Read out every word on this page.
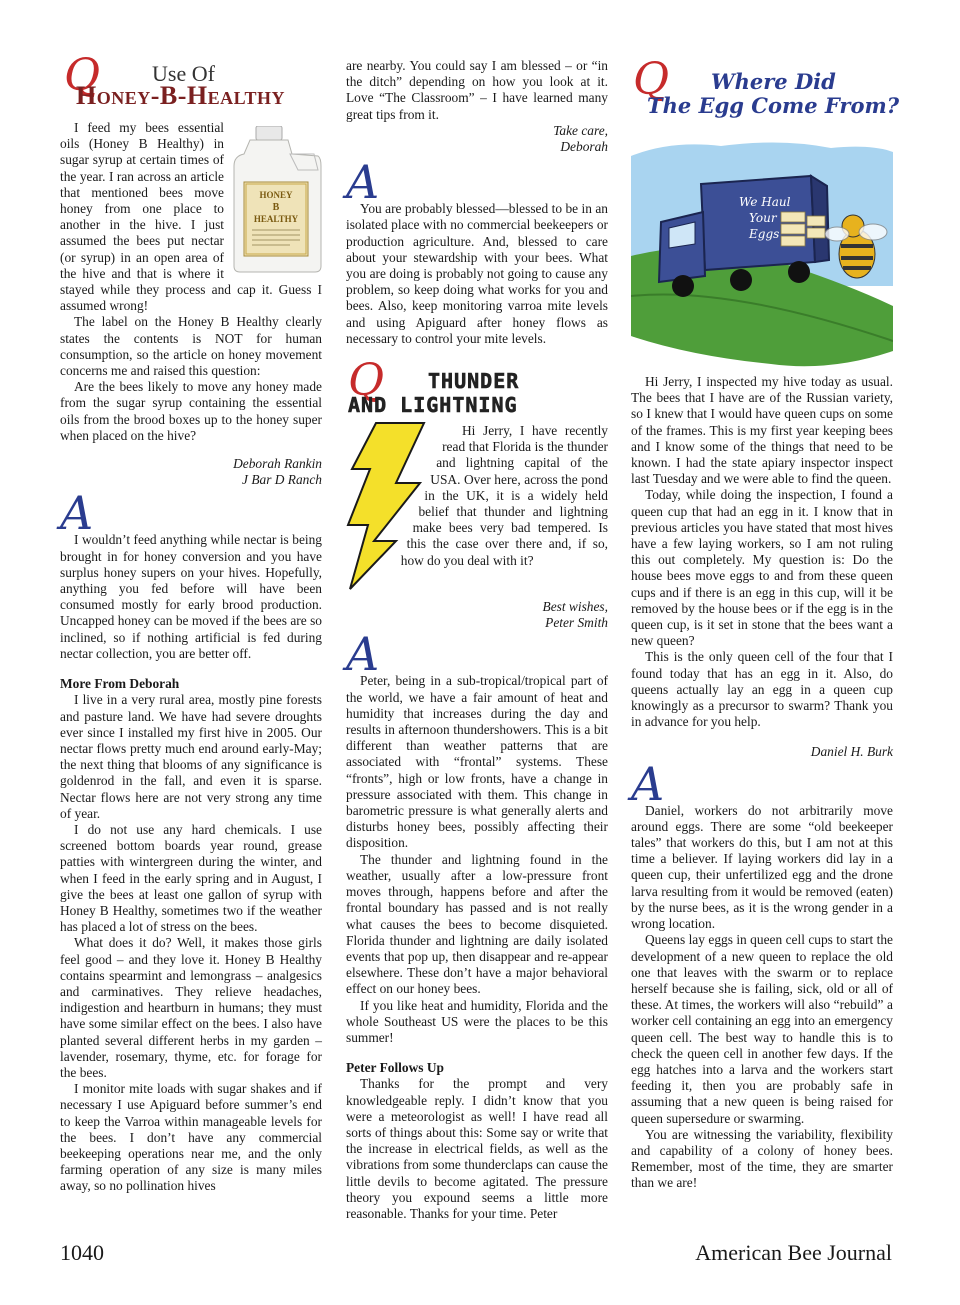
Q Use Of
Honey-B-Healthy
HONEY
B
HEALTHY

I feed my bees essential oils (Honey B Healthy) in sugar syrup at certain times of the year. I ran across an article that mentioned bees move honey from one place to another in the hive. I just assumed the bees put nectar (or syrup) in an open area of the hive and that is where it stayed while they process and cap it. Guess I assumed wrong!

The label on the Honey B Healthy clearly states the contents is NOT for human consumption, so the article on honey movement concerns me and raised this question:

Are the bees likely to move any honey made from the sugar syrup containing the essential oils from the brood boxes up to the honey super when placed on the hive?

Deborah Rankin

J Bar D Ranch

A

I wouldn’t feed anything while nectar is being brought in for honey conversion and you have surplus honey supers on your hives. Hopefully, anything you fed before will have been consumed mostly for early brood production. Uncapped honey can be moved if the bees are so inclined, so if nothing artificial is fed during nectar collection, you are better off.

More From Deborah

I live in a very rural area, mostly pine forests and pasture land. We have had severe droughts ever since I installed my first hive in 2005. Our nectar flows pretty much end around early-May; the next thing that blooms of any significance is goldenrod in the fall, and even it is sparse. Nectar flows here are not very strong any time of year.

I do not use any hard chemicals. I use screened bottom boards year round, grease patties with wintergreen during the winter, and when I feed in the early spring and in August, I give the bees at least one gallon of syrup with Honey B Healthy, sometimes two if the weather has placed a lot of stress on the bees.

What does it do? Well, it makes those girls feel good – and they love it. Honey B Healthy contains spearmint and lemongrass – analgesics and carminatives. They relieve headaches, indigestion and heartburn in humans; they must have some similar effect on the bees. I also have planted several different herbs in my garden – lavender, rosemary, thyme, etc. for forage for the bees.

I monitor mite loads with sugar shakes and if necessary I use Apiguard before summer’s end to keep the Varroa within manageable levels for the bees. I don’t have any commercial beekeeping operations near me, and the only farming operation of any size is many miles away, so no pollination hives

are nearby. You could say I am blessed – or “in the ditch” depending on how you look at it. Love “The Classroom” – I have learned many great tips from it.

Take care,

Deborah

A

You are probably blessed—blessed to be in an isolated place with no commercial beekeepers or production agriculture. And, blessed to care about your stewardship with your bees. What you are doing is probably not going to cause any problem, so keep doing what works for you and bees. Also, keep monitoring varroa mite levels and using Apiguard after honey flows as necessary to control your mite levels.

Q THUNDER
AND LIGHTNING

Hi Jerry, I have recently read that Florida is the thunder and lightning capital of the USA. Over here, across the pond in the UK, it is a widely held belief that thunder and lightning make bees very bad tempered. Is this the case over there and, if so, how do you deal with it?

Best wishes,

Peter Smith

A

Peter, being in a sub-tropical/tropical part of the world, we have a fair amount of heat and humidity that increases during the day and results in afternoon thundershowers. This is a bit different than weather patterns that are associated with “frontal” systems. These “fronts”, high or low fronts, have a change in pressure associated with them. This change in barometric pressure is what generally alerts and disturbs honey bees, possibly affecting their disposition.

The thunder and lightning found in the weather, usually after a low-pressure front moves through, happens before and after the frontal boundary has passed and is not really what causes the bees to become disquieted. Florida thunder and lightning are daily isolated events that pop up, then disappear and re-appear elsewhere. These don’t have a major behavioral effect on our honey bees.

If you like heat and humidity, Florida and the whole Southeast US were the places to be this summer!

Peter Follows Up

Thanks for the prompt and very knowledgeable reply. I didn’t know that you were a meteorologist as well! I have read all sorts of things about this: Some say or write that the increase in electrical fields, as well as the vibrations from some thunderclaps can cause the little devils to become agitated. The pressure theory you expound seems a little more reasonable. Thanks for your time. Peter

Q Where Did
The Egg Come From?
We Haul
Your
Eggs

Hi Jerry, I inspected my hive today as usual. The bees that I have are of the Russian variety, so I knew that I would have queen cups on some of the frames. This is my first year keeping bees and I know some of the things that need to be known. I had the state apiary inspector inspect last Tuesday and we were able to find the queen.

Today, while doing the inspection, I found a queen cup that had an egg in it. I know that in previous articles you have stated that most hives have a few laying workers, so I am not ruling this out completely. My question is: Do the house bees move eggs to and from these queen cups and if there is an egg in this cup, will it be removed by the house bees or if the egg is in the queen cup, is it set in stone that the bees want a new queen?

This is the only queen cell of the four that I found today that has an egg in it. Also, do queens actually lay an egg in a queen cup knowingly as a precursor to swarm? Thank you in advance for you help.

Daniel H. Burk

A

Daniel, workers do not arbitrarily move around eggs. There are some “old beekeeper tales” that workers do this, but I am not at this time a believer. If laying workers did lay in a queen cup, their unfertilized egg and the drone larva resulting from it would be removed (eaten) by the nurse bees, as it is the wrong gender in a wrong location.

Queens lay eggs in queen cell cups to start the development of a new queen to replace the old one that leaves with the swarm or to replace herself because she is failing, sick, old or all of these. At times, the workers will also “rebuild” a worker cell containing an egg into an emergency queen cell. The best way to handle this is to check the queen cell in another few days. If the egg hatches into a larva and the workers start feeding it, then you are probably safe in assuming that a new queen is being raised for queen supersedure or swarming.

You are witnessing the variability, flexibility and capability of a colony of honey bees. Remember, most of the time, they are smarter than we are!

1040	American Bee Journal
